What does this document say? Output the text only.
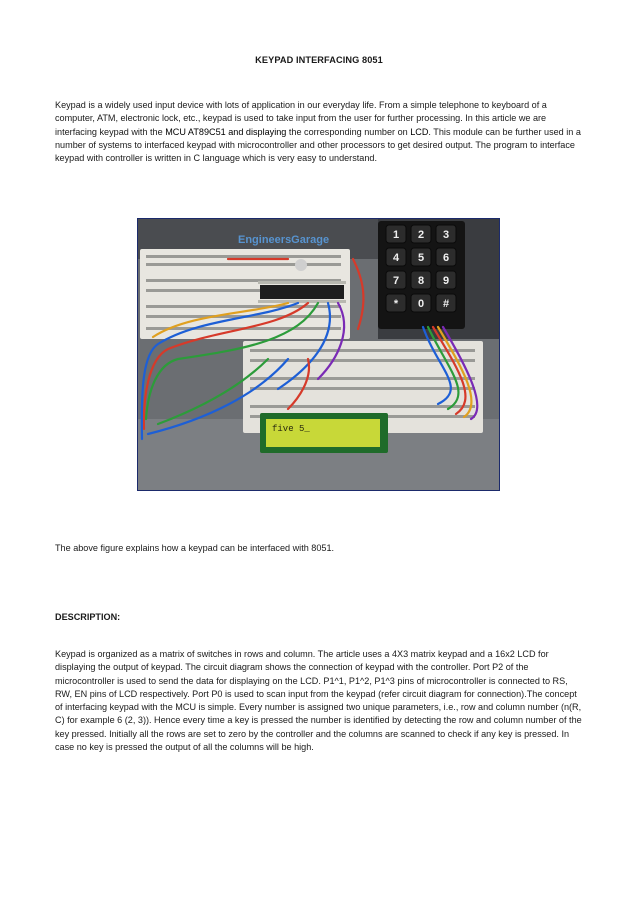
KEYPAD INTERFACING 8051

Keypad is a widely used input device with lots of application in our everyday life. From a simple telephone to keyboard of a computer, ATM, electronic lock, etc., keypad is used to take input from the user for further processing. In this article we are interfacing keypad with the MCU AT89C51 and displaying the corresponding number on LCD. This module can be further used in a number of systems to interfaced keypad with microcontroller and other processors to get desired output. The program to interface keypad with controller is written in C language which is very easy to understand.

1 2 3
4 5 6
7 8 9
* 0 #
five 5_
EngineersGarage

The above figure explains how a keypad can be interfaced with 8051.

DESCRIPTION:

Keypad is organized as a matrix of switches in rows and column. The article uses a 4X3 matrix keypad and a 16x2 LCD for displaying the output of keypad. The circuit diagram shows the connection of keypad with the controller. Port P2 of the microcontroller is used to send the data for displaying on the LCD. P1^1, P1^2, P1^3 pins of microcontroller is connected to RS, RW, EN pins of LCD respectively. Port P0 is used to scan input from the keypad (refer circuit diagram for connection).The concept of interfacing keypad with the MCU is simple. Every number is assigned two unique parameters, i.e., row and column number (n(R, C) for example 6 (2, 3)). Hence every time a key is pressed the number is identified by detecting the row and column number of the key pressed. Initially all the rows are set to zero by the controller and the columns are scanned to check if any key is pressed. In case no key is pressed the output of all the columns will be high.
